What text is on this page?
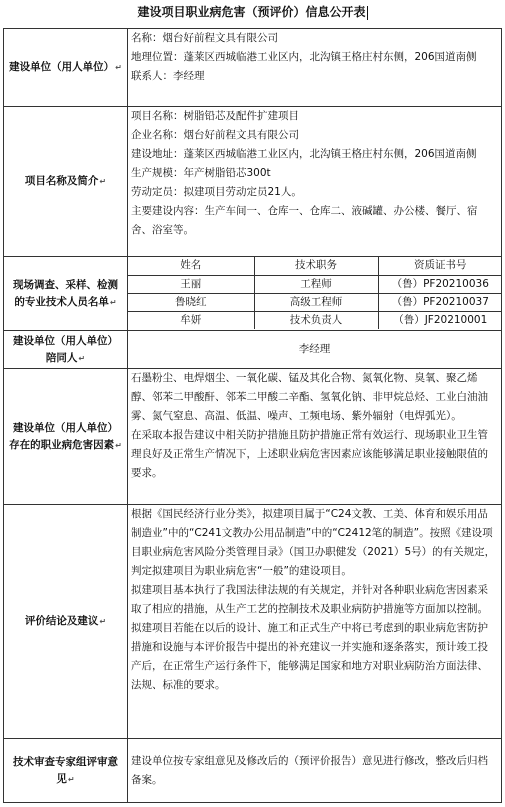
建设项目职业病危害（预评价）信息公开表
建设单位（用人单位）↵	
名称：烟台好前程文具有限公司
地理位置：蓬莱区西城临港工业区内，北沟镇王格庄村东侧，206国道南侧
联系人：李经理

项目名称及简介↵	
项目名称：树脂铅芯及配件扩建项目
企业名称：烟台好前程文具有限公司
建设地址：蓬莱区西城临港工业区内，北沟镇王格庄村东侧，206国道南侧
生产规模：年产树脂铅芯300t
劳动定员：拟建项目劳动定员21人。
主要建设内容：生产车间一、仓库一、仓库二、液碱罐、办公楼、餐厅、宿舍、浴室等。

现场调查、采样、检测的专业技术人员名单↵	
姓名	技术职务	资质证书号
王丽	工程师	（鲁）PF20210036
鲁晓红	高级工程师	（鲁）PF20210037
牟妍	技术负责人	（鲁）JF20210001

建设单位（用人单位）陪同人↵	李经理
建设单位（用人单位）存在的职业病危害因素↵	
石墨粉尘、电焊烟尘、一氧化碳、锰及其化合物、氮氧化物、臭氧、聚乙烯醇、邻苯二甲酸酐、邻苯二甲酸二辛酯、氢氧化钠、非甲烷总烃、工业白油油雾、氮气窒息、高温、低温、噪声、工频电场、紫外辐射（电焊弧光）。
在采取本报告建议中相关防护措施且防护措施正常有效运行、现场职业卫生管理良好及正常生产情况下，上述职业病危害因素应该能够满足职业接触限值的要求。

评价结论及建议↵	
根据《国民经济行业分类》，拟建项目属于“C24文教、工美、体育和娱乐用品制造业”中的“C241文教办公用品制造”中的“C2412笔的制造”。按照《建设项目职业病危害风险分类管理目录》（国卫办职健发（2021）5号）的有关规定，判定拟建项目为职业病危害“一般”的建设项目。
拟建项目基本执行了我国法律法规的有关规定，并针对各种职业病危害因素采取了相应的措施，从生产工艺的控制技术及职业病防护措施等方面加以控制。拟建项目若能在以后的设计、施工和正式生产中将已考虑到的职业病危害防护措施和设施与本评价报告中提出的补充建议一并实施和逐条落实，预计竣工投产后，在正常生产运行条件下，能够满足国家和地方对职业病防治方面法律、法规、标准的要求。

技术审查专家组评审意见↵	
建设单位按专家组意见及修改后的（预评价报告）意见进行修改，整改后归档备案。
